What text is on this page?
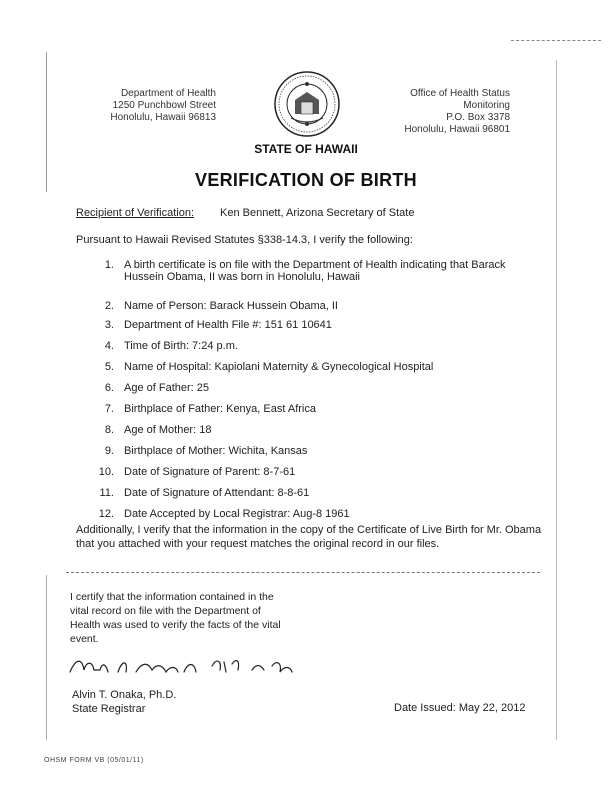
Department of Health
1250 Punchbowl Street
Honolulu, Hawaii 96813
Office of Health Status Monitoring
P.O. Box 3378
Honolulu, Hawaii 96801
STATE OF HAWAII
VERIFICATION OF BIRTH
Recipient of Verification: Ken Bennett, Arizona Secretary of State
Pursuant to Hawaii Revised Statutes §338-14.3, I verify the following:
1. A birth certificate is on file with the Department of Health indicating that Barack Hussein Obama, II was born in Honolulu, Hawaii
2. Name of Person: Barack Hussein Obama, II
3. Department of Health File #: 151 61 10641
4. Time of Birth: 7:24 p.m.
5. Name of Hospital: Kapiolani Maternity & Gynecological Hospital
6. Age of Father: 25
7. Birthplace of Father: Kenya, East Africa
8. Age of Mother: 18
9. Birthplace of Mother: Wichita, Kansas
10. Date of Signature of Parent: 8-7-61
11. Date of Signature of Attendant: 8-8-61
12. Date Accepted by Local Registrar: Aug-8 1961
Additionally, I verify that the information in the copy of the Certificate of Live Birth for Mr. Obama that you attached with your request matches the original record in our files.
I certify that the information contained in the vital record on file with the Department of Health was used to verify the facts of the vital event.
Alvin T. Onaka, Ph.D.
State Registrar	Date Issued: May 22, 2012
OHSM FORM VB (05/01/11)
